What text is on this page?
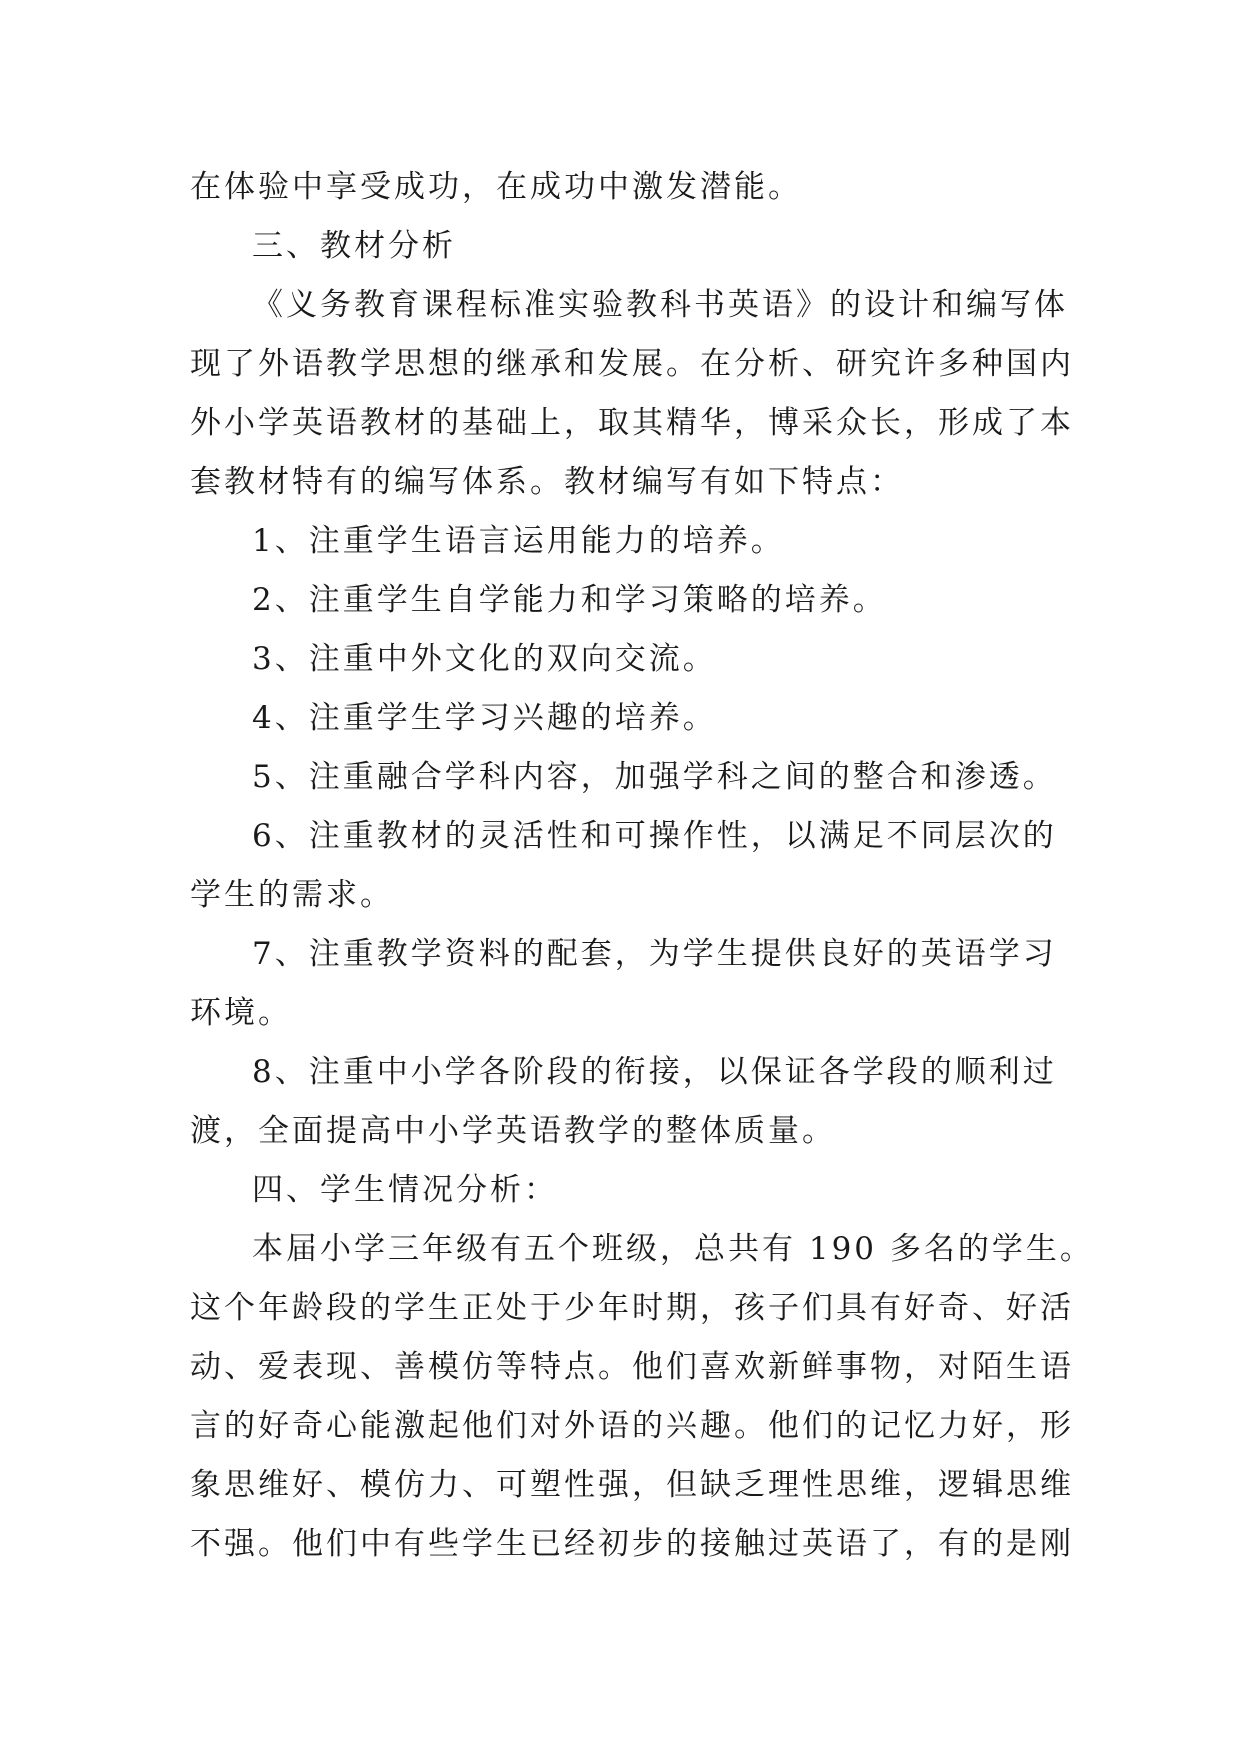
在体验中享受成功，在成功中激发潜能。

三、教材分析

《义务教育课程标准实验教科书英语》的设计和编写体

现了外语教学思想的继承和发展。在分析、研究许多种国内

外小学英语教材的基础上，取其精华，博采众长，形成了本

套教材特有的编写体系。教材编写有如下特点：

1、注重学生语言运用能力的培养。

2、注重学生自学能力和学习策略的培养。

3、注重中外文化的双向交流。

4、注重学生学习兴趣的培养。

5、注重融合学科内容，加强学科之间的整合和渗透。

6、注重教材的灵活性和可操作性，以满足不同层次的

学生的需求。

7、注重教学资料的配套，为学生提供良好的英语学习

环境。

8、注重中小学各阶段的衔接，以保证各学段的顺利过

渡，全面提高中小学英语教学的整体质量。

四、学生情况分析：

本届小学三年级有五个班级，总共有 190 多名的学生。

这个年龄段的学生正处于少年时期，孩子们具有好奇、好活

动、爱表现、善模仿等特点。他们喜欢新鲜事物，对陌生语

言的好奇心能激起他们对外语的兴趣。他们的记忆力好，形

象思维好、模仿力、可塑性强，但缺乏理性思维，逻辑思维

不强。他们中有些学生已经初步的接触过英语了，有的是刚
